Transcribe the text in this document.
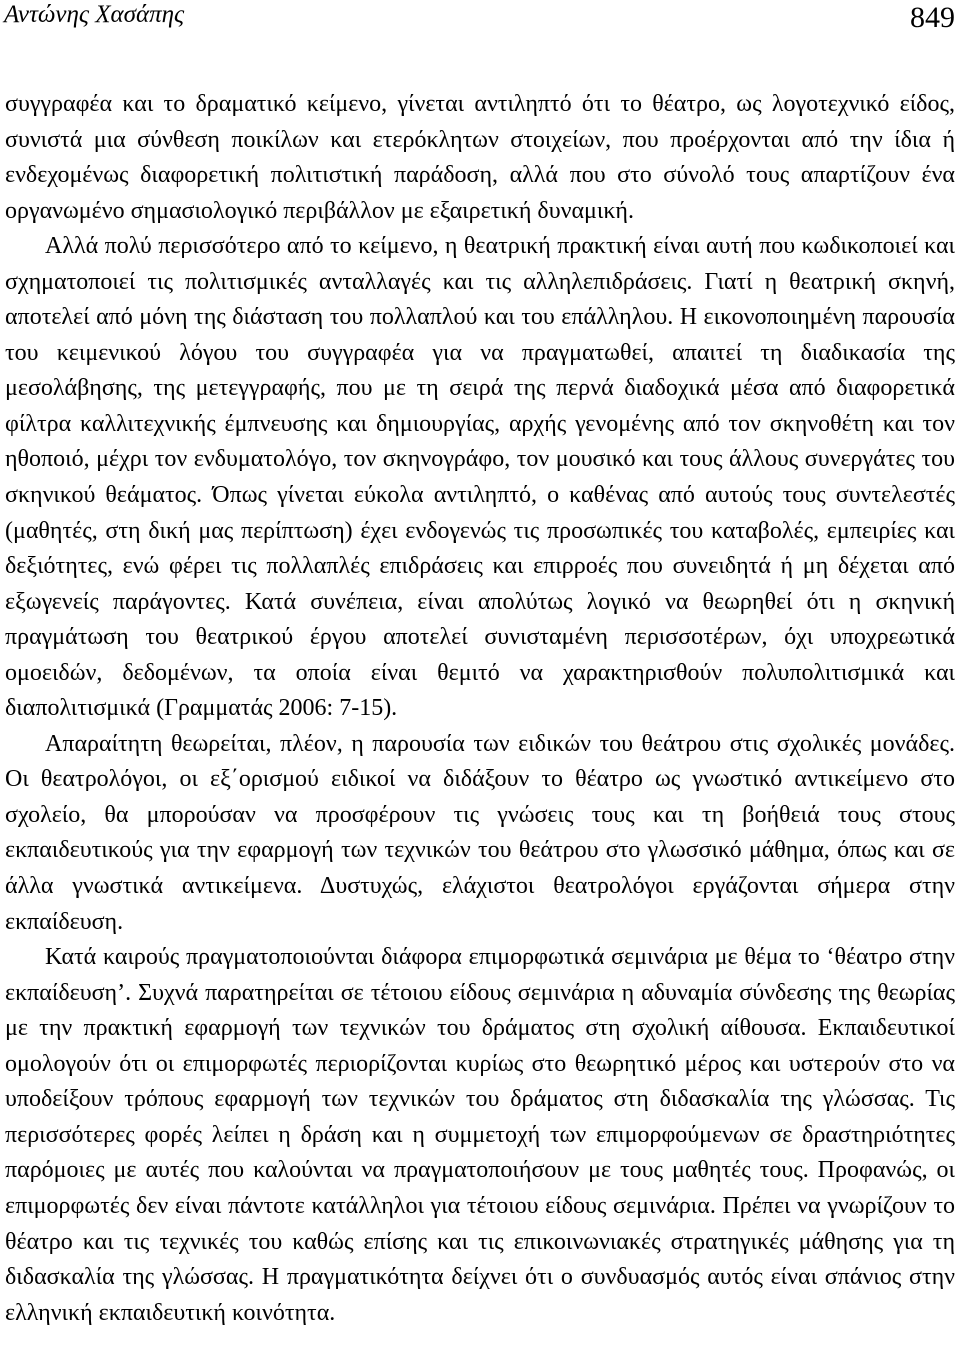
Αντώνης Χασάπης	849

συγγραφέα και το δραματικό κείμενο, γίνεται αντιληπτό ότι το θέατρο, ως λογοτεχνικό είδος, συνιστά μια σύνθεση ποικίλων και ετερόκλητων στοιχείων, που προέρχονται από την ίδια ή ενδεχομένως διαφορετική πολιτιστική παράδοση, αλλά που στο σύνολό τους απαρτίζουν ένα οργανωμένο σημασιολογικό περιβάλλον με εξαιρετική δυναμική.

Αλλά πολύ περισσότερο από το κείμενο, η θεατρική πρακτική είναι αυτή που κωδικοποιεί και σχηματοποιεί τις πολιτισμικές ανταλλαγές και τις αλληλεπιδράσεις. Γιατί η θεατρική σκηνή, αποτελεί από μόνη της διάσταση του πολλαπλού και του επάλληλου. Η εικονοποιημένη παρουσία του κειμενικού λόγου του συγγραφέα για να πραγματωθεί, απαιτεί τη διαδικασία της μεσολάβησης, της μετεγγραφής, που με τη σειρά της περνά διαδοχικά μέσα από διαφορετικά φίλτρα καλλιτεχνικής έμπνευσης και δημιουργίας, αρχής γενομένης από τον σκηνοθέτη και τον ηθοποιό, μέχρι τον ενδυματολόγο, τον σκηνογράφο, τον μουσικό και τους άλλους συνεργάτες του σκηνικού θεάματος. Όπως γίνεται εύκολα αντιληπτό, ο καθένας από αυτούς τους συντελεστές (μαθητές, στη δική μας περίπτωση) έχει ενδογενώς τις προσωπικές του καταβολές, εμπειρίες και δεξιότητες, ενώ φέρει τις πολλαπλές επιδράσεις και επιρροές που συνειδητά ή μη δέχεται από εξωγενείς παράγοντες. Κατά συνέπεια, είναι απολύτως λογικό να θεωρηθεί ότι η σκηνική πραγμάτωση του θεατρικού έργου αποτελεί συνισταμένη περισσοτέρων, όχι υποχρεωτικά ομοειδών, δεδομένων, τα οποία είναι θεμιτό να χαρακτηρισθούν πολυπολιτισμικά και διαπολιτισμικά (Γραμματάς 2006: 7-15).

Απαραίτητη θεωρείται, πλέον, η παρουσία των ειδικών του θεάτρου στις σχολικές μονάδες. Οι θεατρολόγοι, οι εξ΄ορισμού ειδικοί να διδάξουν το θέατρο ως γνωστικό αντικείμενο στο σχολείο, θα μπορούσαν να προσφέρουν τις γνώσεις τους και τη βοήθειά τους στους εκπαιδευτικούς για την εφαρμογή των τεχνικών του θεάτρου στο γλωσσικό μάθημα, όπως και σε άλλα γνωστικά αντικείμενα. Δυστυχώς, ελάχιστοι θεατρολόγοι εργάζονται σήμερα στην εκπαίδευση.

Κατά καιρούς πραγματοποιούνται διάφορα επιμορφωτικά σεμινάρια με θέμα το ‘θέατρο στην εκπαίδευση’. Συχνά παρατηρείται σε τέτοιου είδους σεμινάρια η αδυναμία σύνδεσης της θεωρίας με την πρακτική εφαρμογή των τεχνικών του δράματος στη σχολική αίθουσα. Εκπαιδευτικοί ομολογούν ότι οι επιμορφωτές περιορίζονται κυρίως στο θεωρητικό μέρος και υστερούν στο να υποδείξουν τρόπους εφαρμογή των τεχνικών του δράματος στη διδασκαλία της γλώσσας. Τις περισσότερες φορές λείπει η δράση και η συμμετοχή των επιμορφούμενων σε δραστηριότητες παρόμοιες με αυτές που καλούνται να πραγματοποιήσουν με τους μαθητές τους. Προφανώς, οι επιμορφωτές δεν είναι πάντοτε κατάλληλοι για τέτοιου είδους σεμινάρια. Πρέπει να γνωρίζουν το θέατρο και τις τεχνικές του καθώς επίσης και τις επικοινωνιακές στρατηγικές μάθησης για τη διδασκαλία της γλώσσας. Η πραγματικότητα δείχνει ότι ο συνδυασμός αυτός είναι σπάνιος στην ελληνική εκπαιδευτική κοινότητα.
